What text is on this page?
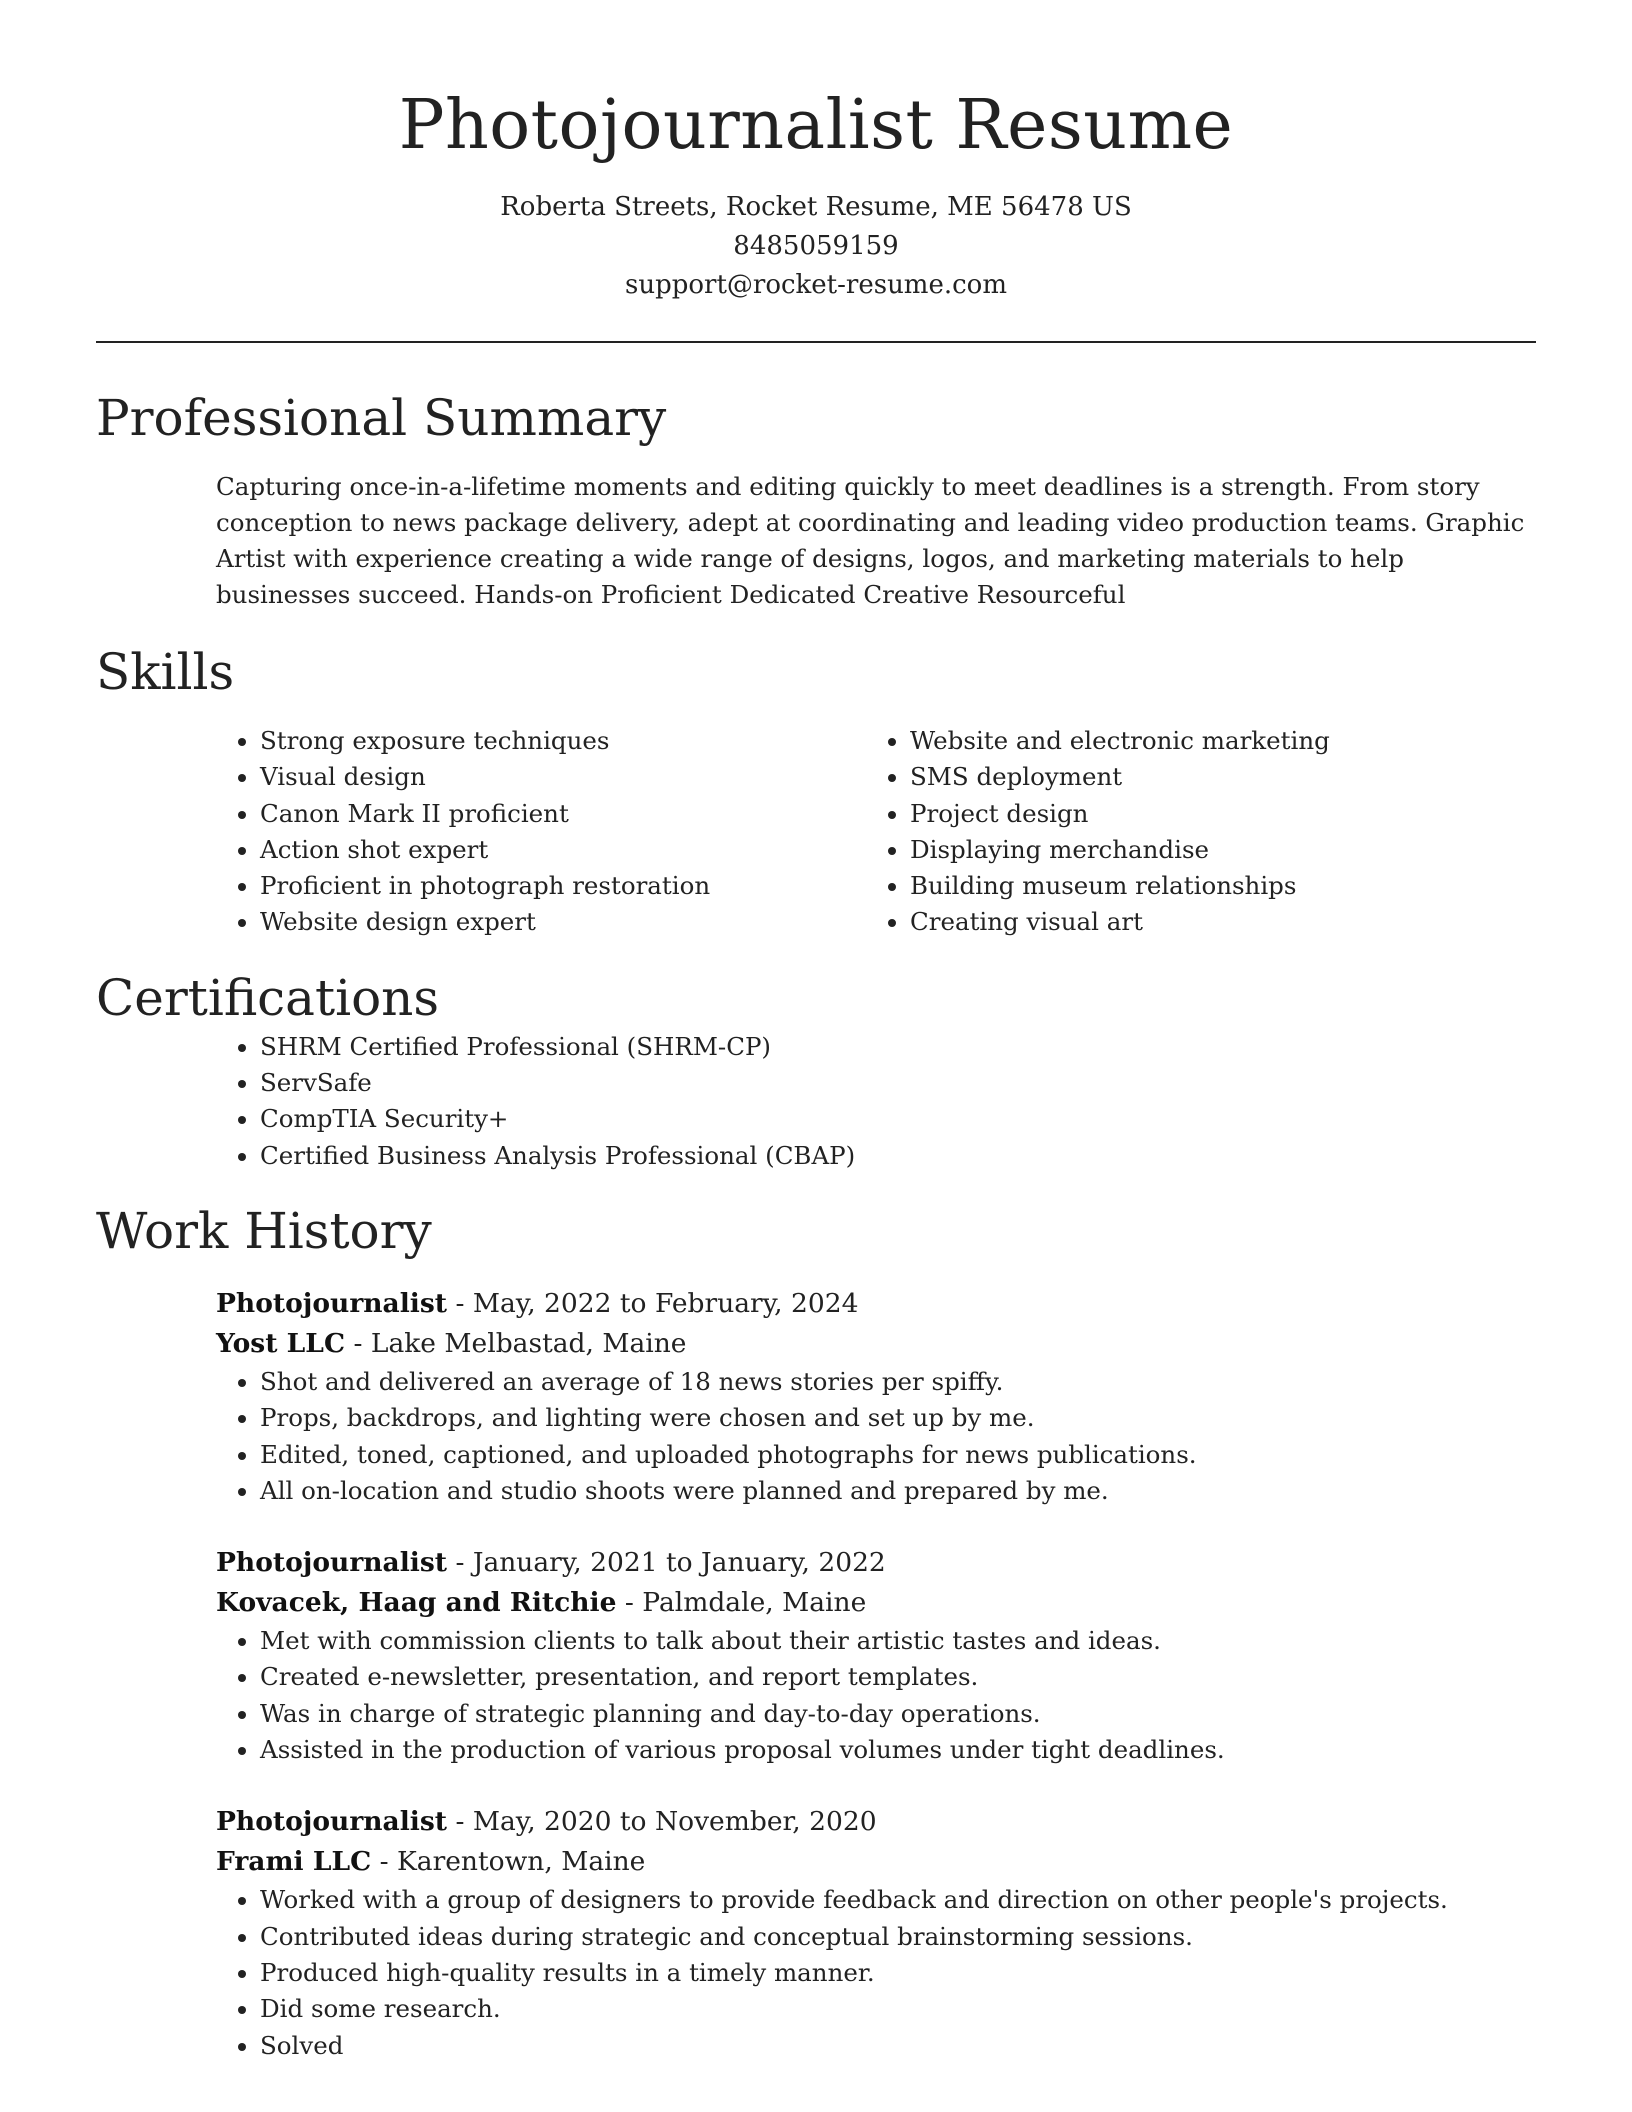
Photojournalist Resume
Roberta Streets, Rocket Resume, ME 56478 US
8485059159
support@rocket-resume.com
Professional Summary
Capturing once-in-a-lifetime moments and editing quickly to meet deadlines is a strength. From story conception to news package delivery, adept at coordinating and leading video production teams. Graphic Artist with experience creating a wide range of designs, logos, and marketing materials to help businesses succeed. Hands-on Proficient Dedicated Creative Resourceful
Skills
• Strong exposure techniques
• Visual design
• Canon Mark II proficient
• Action shot expert
• Proficient in photograph restoration
• Website design expert
• Website and electronic marketing
• SMS deployment
• Project design
• Displaying merchandise
• Building museum relationships
• Creating visual art
Certifications
• SHRM Certified Professional (SHRM-CP)
• ServSafe
• CompTIA Security+
• Certified Business Analysis Professional (CBAP)
Work History
Photojournalist - May, 2022 to February, 2024
Yost LLC - Lake Melbastad, Maine
• Shot and delivered an average of 18 news stories per spiffy.
• Props, backdrops, and lighting were chosen and set up by me.
• Edited, toned, captioned, and uploaded photographs for news publications.
• All on-location and studio shoots were planned and prepared by me.
Photojournalist - January, 2021 to January, 2022
Kovacek, Haag and Ritchie - Palmdale, Maine
• Met with commission clients to talk about their artistic tastes and ideas.
• Created e-newsletter, presentation, and report templates.
• Was in charge of strategic planning and day-to-day operations.
• Assisted in the production of various proposal volumes under tight deadlines.
Photojournalist - May, 2020 to November, 2020
Frami LLC - Karentown, Maine
• Worked with a group of designers to provide feedback and direction on other people's projects.
• Contributed ideas during strategic and conceptual brainstorming sessions.
• Produced high-quality results in a timely manner.
• Did some research.
• Solved
